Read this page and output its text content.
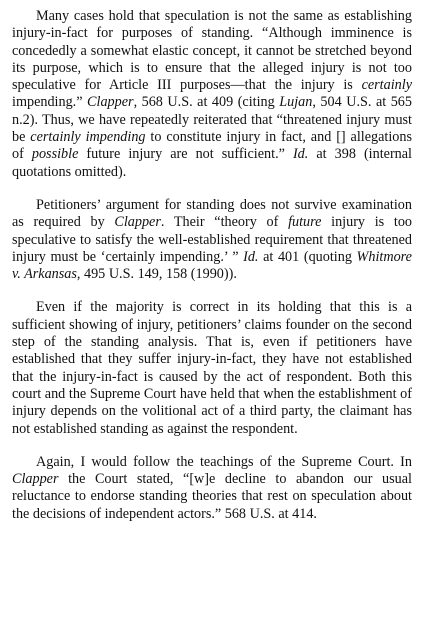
Many cases hold that speculation is not the same as establishing injury-in-fact for purposes of standing. “Although imminence is concededly a somewhat elastic concept, it cannot be stretched beyond its purpose, which is to ensure that the alleged injury is not too speculative for Article III purposes—that the injury is certainly impending.” Clapper, 568 U.S. at 409 (citing Lujan, 504 U.S. at 565 n.2). Thus, we have repeatedly reiterated that “threatened injury must be certainly impending to constitute injury in fact, and [] allegations of possible future injury are not sufficient.” Id. at 398 (internal quotations omitted).

Petitioners’ argument for standing does not survive examination as required by Clapper. Their “theory of future injury is too speculative to satisfy the well-established requirement that threatened injury must be ‘certainly impending.’ ” Id. at 401 (quoting Whitmore v. Arkansas, 495 U.S. 149, 158 (1990)).

Even if the majority is correct in its holding that this is a sufficient showing of injury, petitioners’ claims founder on the second step of the standing analysis. That is, even if petitioners have established that they suffer injury-in-fact, they have not established that the injury-in-fact is caused by the act of respondent. Both this court and the Supreme Court have held that when the establishment of injury depends on the volitional act of a third party, the claimant has not established standing as against the respondent.

Again, I would follow the teachings of the Supreme Court. In Clapper the Court stated, “[w]e decline to abandon our usual reluctance to endorse standing theories that rest on speculation about the decisions of independent actors.” 568 U.S. at 414.
